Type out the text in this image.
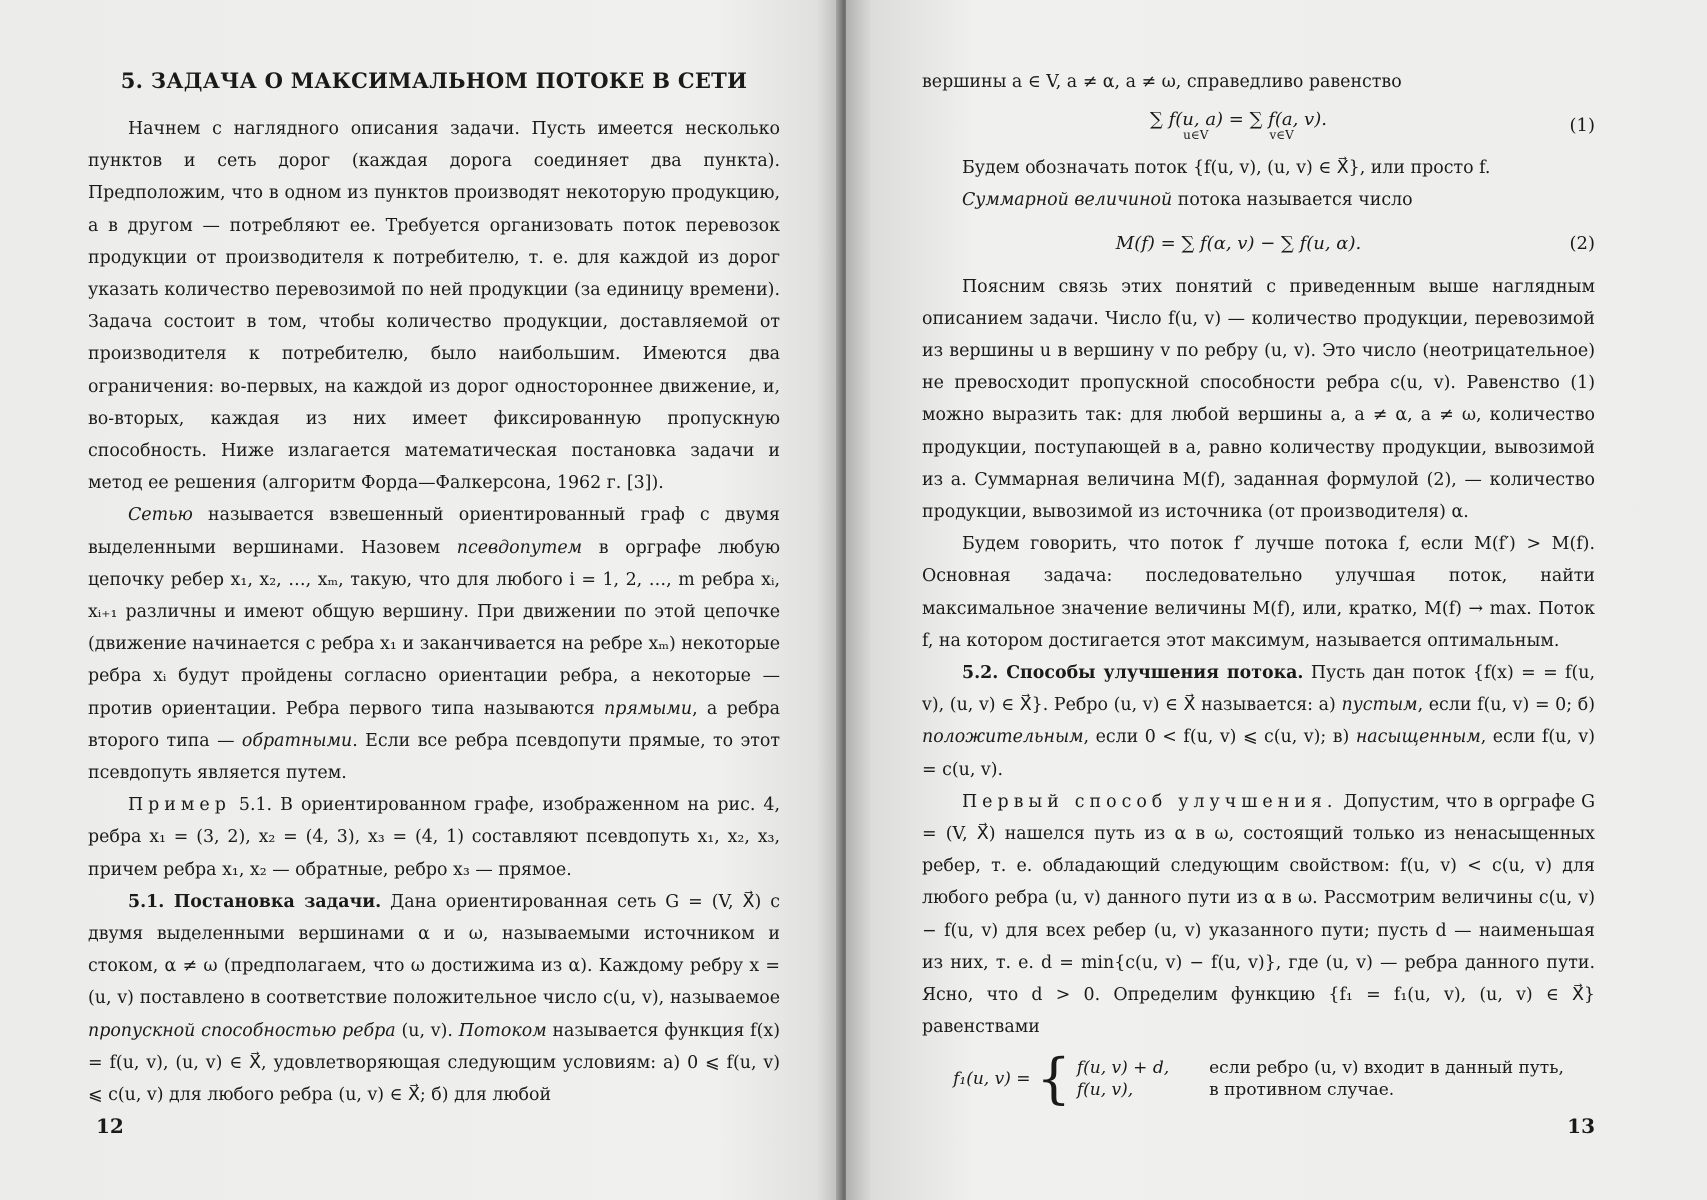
5. ЗАДАЧА О МАКСИМАЛЬНОМ ПОТОКЕ В СЕТИ

Начнем с наглядного описания задачи. Пусть имеется несколько пунктов и сеть дорог (каждая дорога соединяет два пункта). Предположим, что в одном из пунктов производят некоторую продукцию, а в другом — потребляют ее. Требуется организовать поток перевозок продукции от производителя к потребителю, т. е. для каждой из дорог указать количество перевозимой по ней продукции (за единицу времени). Задача состоит в том, чтобы количество продукции, доставляемой от производителя к потребителю, было наибольшим. Имеются два ограничения: во-первых, на каждой из дорог одностороннее движение, и, во-вторых, каждая из них имеет фиксированную пропускную способность. Ниже излагается математическая постановка задачи и метод ее решения (алгоритм Форда—Фалкерсона, 1962 г. [3]).

Сетью называется взвешенный ориентированный граф с двумя выделенными вершинами. Назовем псевдопутем в орграфе любую цепочку ребер x₁, x₂, …, xₘ, такую, что для любого i = 1, 2, …, m ребра xᵢ, xᵢ₊₁ различны и имеют общую вершину. При движении по этой цепочке (движение начинается с ребра x₁ и заканчивается на ребре xₘ) некоторые ребра xᵢ будут пройдены согласно ориентации ребра, а некоторые — против ориентации. Ребра первого типа называются прямыми, а ребра второго типа — обратными. Если все ребра псевдопути прямые, то этот псевдопуть является путем.

Пример 5.1. В ориентированном графе, изображенном на рис. 4, ребра x₁ = (3, 2), x₂ = (4, 3), x₃ = (4, 1) составляют псевдопуть x₁, x₂, x₃, причем ребра x₁, x₂ — обратные, ребро x₃ — прямое.

5.1. Постановка задачи. Дана ориентированная сеть G = (V, X⃗) с двумя выделенными вершинами α и ω, называемыми источником и стоком, α ≠ ω (предполагаем, что ω достижима из α). Каждому ребру x = (u, v) поставлено в соответствие положительное число c(u, v), называемое пропускной способностью ребра (u, v). Потоком называется функция f(x) = f(u, v), (u, v) ∈ X⃗, удовлетворяющая следующим условиям: а) 0 ⩽ f(u, v) ⩽ c(u, v) для любого ребра (u, v) ∈ X⃗; б) для любой

12

вершины a ∈ V, a ≠ α, a ≠ ω, справедливо равенство

∑ f(u, a) = ∑ f(a, v).
u∈V	v∈V	(1)

Будем обозначать поток {f(u, v), (u, v) ∈ X⃗}, или просто f.

Суммарной величиной потока называется число

M(f) = ∑ f(α, v) − ∑ f(u, α).	(2)

Поясним связь этих понятий с приведенным выше наглядным описанием задачи. Число f(u, v) — количество продукции, перевозимой из вершины u в вершину v по ребру (u, v). Это число (неотрицательное) не превосходит пропускной способности ребра c(u, v). Равенство (1) можно выразить так: для любой вершины a, a ≠ α, a ≠ ω, количество продукции, поступающей в a, равно количеству продукции, вывозимой из a. Суммарная величина M(f), заданная формулой (2), — количество продукции, вывозимой из источника (от производителя) α.

Будем говорить, что поток f′ лучше потока f, если M(f′) > M(f). Основная задача: последовательно улучшая поток, найти максимальное значение величины M(f), или, кратко, M(f) → max. Поток f, на котором достигается этот максимум, называется оптимальным.

5.2. Способы улучшения потока. Пусть дан поток {f(x) = = f(u, v), (u, v) ∈ X⃗}. Ребро (u, v) ∈ X⃗ называется: а) пустым, если f(u, v) = 0; б) положительным, если 0 < f(u, v) ⩽ c(u, v); в) насыщенным, если f(u, v) = c(u, v).

Первый способ улучшения. Допустим, что в орграфе G = (V, X⃗) нашелся путь из α в ω, состоящий только из ненасыщенных ребер, т. е. обладающий следующим свойством: f(u, v) < c(u, v) для любого ребра (u, v) данного пути из α в ω. Рассмотрим величины c(u, v) − f(u, v) для всех ребер (u, v) указанного пути; пусть d — наименьшая из них, т. е. d = min{c(u, v) − f(u, v)}, где (u, v) — ребра данного пути. Ясно, что d > 0. Определим функцию {f₁ = f₁(u, v), (u, v) ∈ X⃗} равенствами

f₁(u, v) = { f(u, v) + d, если ребро (u, v) входит в данный путь,
f(u, v),	в противном случае.
13
